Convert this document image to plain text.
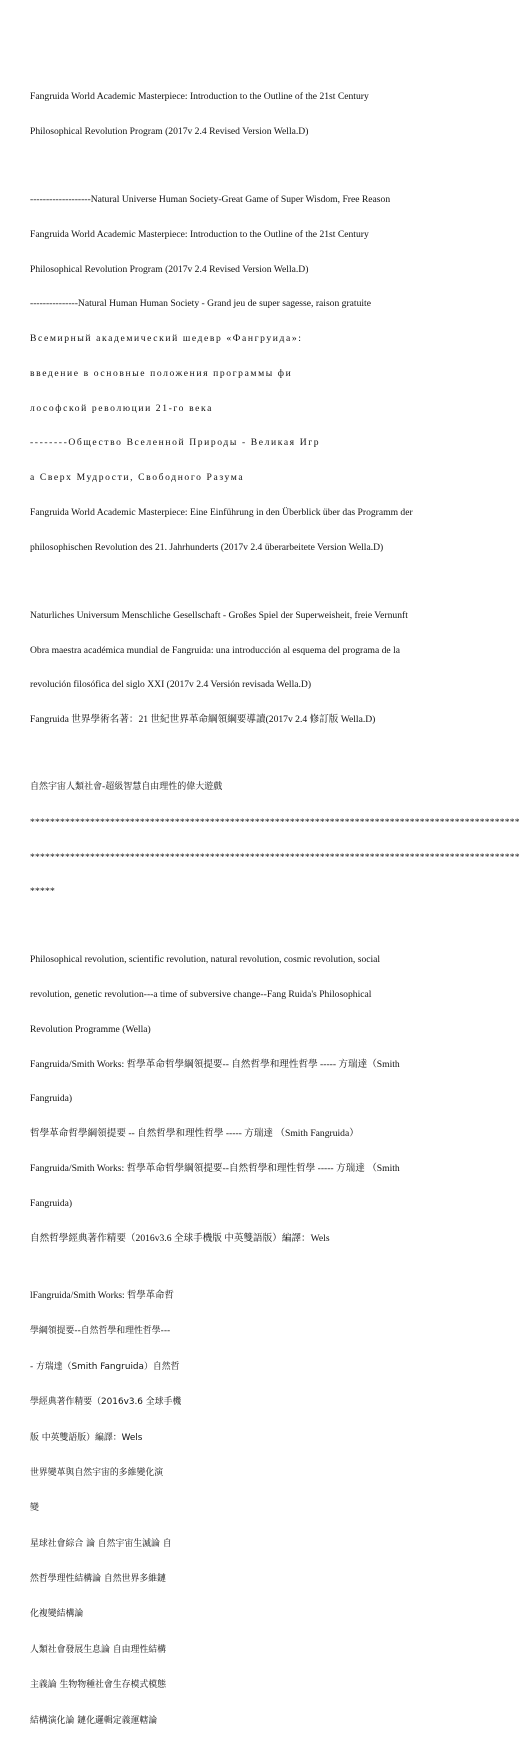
Fangruida World Academic Masterpiece: Introduction to the Outline of the 21st Century

Philosophical Revolution Program (2017v 2.4 Revised Version Wella.D)

-------------------Natural Universe Human Society-Great Game of Super Wisdom, Free Reason

Fangruida World Academic Masterpiece: Introduction to the Outline of the 21st Century

Philosophical Revolution Program (2017v 2.4 Revised Version Wella.D)

---------------Natural Human Human Society - Grand jeu de super sagesse, raison gratuite

Всемирный академический шедевр «Фангруида»:

введение в основные положения программы фи

лософской революции 21-го века

--------Общество Вселенной Природы - Великая Игр

а Сверх Мудрости, Свободного Разума

Fangruida World Academic Masterpiece: Eine Einführung in den Überblick über das Programm der

philosophischen Revolution des 21. Jahrhunderts (2017v 2.4 überarbeitete Version Wella.D)

Naturliches Universum Menschliche Gesellschaft - Großes Spiel der Superweisheit, freie Vernunft

Obra maestra académica mundial de Fangruida: una introducción al esquema del programa de la

revolución filosófica del siglo XXI (2017v 2.4 Versión revisada Wella.D)

Fangruida 世界學術名著：21 世紀世界革命綱領綱要導讀(2017v 2.4 修訂版 Wella.D)

自然宇宙人類社會-超級智慧自由理性的偉大遊戲

**************************************************************************************************

**************************************************************************************************

*****

Philosophical revolution, scientific revolution, natural revolution, cosmic revolution, social

revolution, genetic revolution---a time of subversive change--Fang Ruida's Philosophical

Revolution Programme (Wella)

Fangruida/Smith Works: 哲學革命哲學綱領提要-- 自然哲學和理性哲學 ----- 方瑞達（Smith

Fangruida)

哲學革命哲學綱領提要 -- 自然哲學和理性哲學 ----- 方瑞達 （Smith Fangruida）

Fangruida/Smith Works: 哲學革命哲學綱領提要--自然哲學和理性哲學 ----- 方瑞達 （Smith

Fangruida)

自然哲學經典著作精要（2016v3.6 全球手機版 中英雙語版）編譯：Wels

lFangruida/Smith Works: 哲學革命哲

學綱領提要--自然哲學和理性哲學---

- 方瑞達（Smith Fangruida）自然哲

學經典著作精要（2016v3.6 全球手機

版 中英雙語版）編譯：Wels

世界變革與自然宇宙的多維變化演

變

星球社會綜合 論 自然宇宙生滅論 自

然哲學理性結構論 自然世界多維鏈

化複變結構論

人類社會發展生息論 自由理性結構

主義論 生物物種社會生存模式模態

結構演化論 鏈化邏輯定義運轄論
